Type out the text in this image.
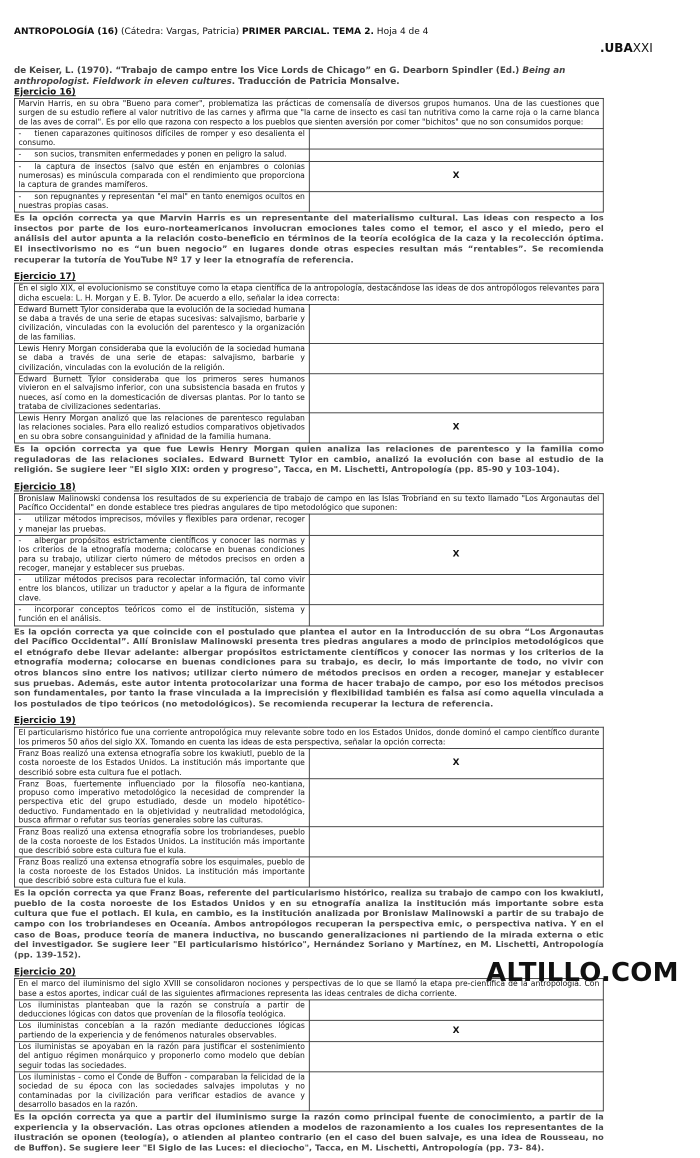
ANTROPOLOGÍA (16) (Cátedra: Vargas, Patricia) PRIMER PARCIAL. TEMA 2. Hoja 4 de 4
.UBAXXI
de Keiser, L. (1970). “Trabajo de campo entre los Vice Lords de Chicago” en G. Dearborn Spindler (Ed.) Being an anthropologist. Fieldwork in eleven cultures. Traducción de Patricia Monsalve.
Ejercicio 16)
Marvin Harris, en su obra "Bueno para comer", problematiza las prácticas de comensalía de diversos grupos humanos. Una de las cuestiones que surgen de su estudio refiere al valor nutritivo de las carnes y afirma que "la carne de insecto es casi tan nutritiva como la carne roja o la carne blanca de las aves de corral". Es por ello que razona con respecto a los pueblos que sienten aversión por comer "bichitos" que no son consumidos porque:	
- tienen caparazones quitinosos difíciles de romper y eso desalienta el consumo.	
- son sucios, transmiten enfermedades y ponen en peligro la salud.	
- la captura de insectos (salvo que estén en enjambres o colonias numerosas) es minúscula comparada con el rendimiento que proporciona la captura de grandes mamíferos.	X
- son repugnantes y representan "el mal" en tanto enemigos ocultos en nuestras propias casas.	
Es la opción correcta ya que Marvin Harris es un representante del materialismo cultural. Las ideas con respecto a los insectos por parte de los euro-norteamericanos involucran emociones tales como el temor, el asco y el miedo, pero el análisis del autor apunta a la relación costo-beneficio en términos de la teoría ecológica de la caza y la recolección óptima. El insectivorismo no es “un buen negocio” en lugares donde otras especies resultan más “rentables”. Se recomienda recuperar la tutoría de YouTube Nº 17 y leer la etnografía de referencia.
Ejercicio 17)
En el siglo XIX, el evolucionismo se constituye como la etapa científica de la antropología, destacándose las ideas de dos antropólogos relevantes para dicha escuela: L. H. Morgan y E. B. Tylor. De acuerdo a ello, señalar la idea correcta:	
Edward Burnett Tylor consideraba que la evolución de la sociedad humana se daba a través de una serie de etapas sucesivas: salvajismo, barbarie y civilización, vinculadas con la evolución del parentesco y la organización de las familias.	
Lewis Henry Morgan consideraba que la evolución de la sociedad humana se daba a través de una serie de etapas: salvajismo, barbarie y civilización, vinculadas con la evolución de la religión.	
Edward Burnett Tylor consideraba que los primeros seres humanos vivieron en el salvajismo inferior, con una subsistencia basada en frutos y nueces, así como en la domesticación de diversas plantas. Por lo tanto se trataba de civilizaciones sedentarias.	
Lewis Henry Morgan analizó que las relaciones de parentesco regulaban las relaciones sociales. Para ello realizó estudios comparativos objetivados en su obra sobre consanguinidad y afinidad de la familia humana.	X
Es la opción correcta ya que fue Lewis Henry Morgan quien analiza las relaciones de parentesco y la familia como reguladoras de las relaciones sociales. Edward Burnett Tylor en cambio, analizó la evolución con base al estudio de la religión. Se sugiere leer "El siglo XIX: orden y progreso", Tacca, en M. Lischetti, Antropología (pp. 85-90 y 103-104).
Ejercicio 18)
Bronislaw Malinowski condensa los resultados de su experiencia de trabajo de campo en las Islas Trobriand en su texto llamado "Los Argonautas del Pacífico Occidental" en donde establece tres piedras angulares de tipo metodológico que suponen:	
- utilizar métodos imprecisos, móviles y flexibles para ordenar, recoger y manejar las pruebas.	
- albergar propósitos estrictamente científicos y conocer las normas y los criterios de la etnografía moderna; colocarse en buenas condiciones para su trabajo, utilizar cierto número de métodos precisos en orden a recoger, manejar y establecer sus pruebas.	X
- utilizar métodos precisos para recolectar información, tal como vivir entre los blancos, utilizar un traductor y apelar a la figura de informante clave.	
- incorporar conceptos teóricos como el de institución, sistema y función en el análisis.	
Es la opción correcta ya que coincide con el postulado que plantea el autor en la Introducción de su obra “Los Argonautas del Pacífico Occidental”. Allí Bronislaw Malinowski presenta tres piedras angulares a modo de principios metodológicos que el etnógrafo debe llevar adelante: albergar propósitos estrictamente científicos y conocer las normas y los criterios de la etnografía moderna; colocarse en buenas condiciones para su trabajo, es decir, lo más importante de todo, no vivir con otros blancos sino entre los nativos; utilizar cierto número de métodos precisos en orden a recoger, manejar y establecer sus pruebas. Además, este autor intenta protocolarizar una forma de hacer trabajo de campo, por eso los métodos precisos son fundamentales, por tanto la frase vinculada a la imprecisión y flexibilidad también es falsa así como aquella vinculada a los postulados de tipo teóricos (no metodológicos). Se recomienda recuperar la lectura de referencia.
Ejercicio 19)
El particularismo histórico fue una corriente antropológica muy relevante sobre todo en los Estados Unidos, donde dominó el campo científico durante los primeros 50 años del siglo XX. Tomando en cuenta las ideas de esta perspectiva, señalar la opción correcta:	
Franz Boas realizó una extensa etnografía sobre los kwakiutl, pueblo de la costa noroeste de los Estados Unidos. La institución más importante que describió sobre esta cultura fue el potlach.	X
Franz Boas, fuertemente influenciado por la filosofía neo-kantiana, propuso como imperativo metodológico la necesidad de comprender la perspectiva etic del grupo estudiado, desde un modelo hipotético-deductivo. Fundamentado en la objetividad y neutralidad metodológica, busca afirmar o refutar sus teorías generales sobre las culturas.	
Franz Boas realizó una extensa etnografía sobre los trobriandeses, pueblo de la costa noroeste de los Estados Unidos. La institución más importante que describió sobre esta cultura fue el kula.	
Franz Boas realizó una extensa etnografía sobre los esquimales, pueblo de la costa noroeste de los Estados Unidos. La institución más importante que describió sobre esta cultura fue el kula.	
Es la opción correcta ya que Franz Boas, referente del particularismo histórico, realiza su trabajo de campo con los kwakiutl, pueblo de la costa noroeste de los Estados Unidos y en su etnografía analiza la institución más importante sobre esta cultura que fue el potlach. El kula, en cambio, es la institución analizada por Bronislaw Malinowski a partir de su trabajo de campo con los trobriandeses en Oceanía. Ambos antropólogos recuperan la perspectiva emic, o perspectiva nativa. Y en el caso de Boas, produce teoría de manera inductiva, no buscando generalizaciones ni partiendo de la mirada externa o etic del investigador. Se sugiere leer "El particularismo histórico", Hernández Soriano y Martínez, en M. Lischetti, Antropología (pp. 139-152).
Ejercicio 20)
En el marco del iluminismo del siglo XVIII se consolidaron nociones y perspectivas de lo que se llamó la etapa pre-científica de la antropología. Con base a estos aportes, indicar cuál de las siguientes afirmaciones representa las ideas centrales de dicha corriente.	
Los iluministas planteaban que la razón se construía a partir de deducciones lógicas con datos que provenían de la filosofía teológica.	
Los iluministas concebían a la razón mediante deducciones lógicas partiendo de la experiencia y de fenómenos naturales observables.	X
Los iluministas se apoyaban en la razón para justificar el sostenimiento del antiguo régimen monárquico y proponerlo como modelo que debían seguir todas las sociedades.	
Los iluministas - como el Conde de Buffon - comparaban la felicidad de la sociedad de su época con las sociedades salvajes impolutas y no contaminadas por la civilización para verificar estadios de avance y desarrollo basados en la razón.	
Es la opción correcta ya que a partir del iluminismo surge la razón como principal fuente de conocimiento, a partir de la experiencia y la observación. Las otras opciones atienden a modelos de razonamiento a los cuales los representantes de la ilustración se oponen (teología), o atienden al planteo contrario (en el caso del buen salvaje, es una idea de Rousseau, no de Buffon). Se sugiere leer "El Siglo de las Luces: el dieciocho", Tacca, en M. Lischetti, Antropología (pp. 73- 84).
ALTILLO.COM
